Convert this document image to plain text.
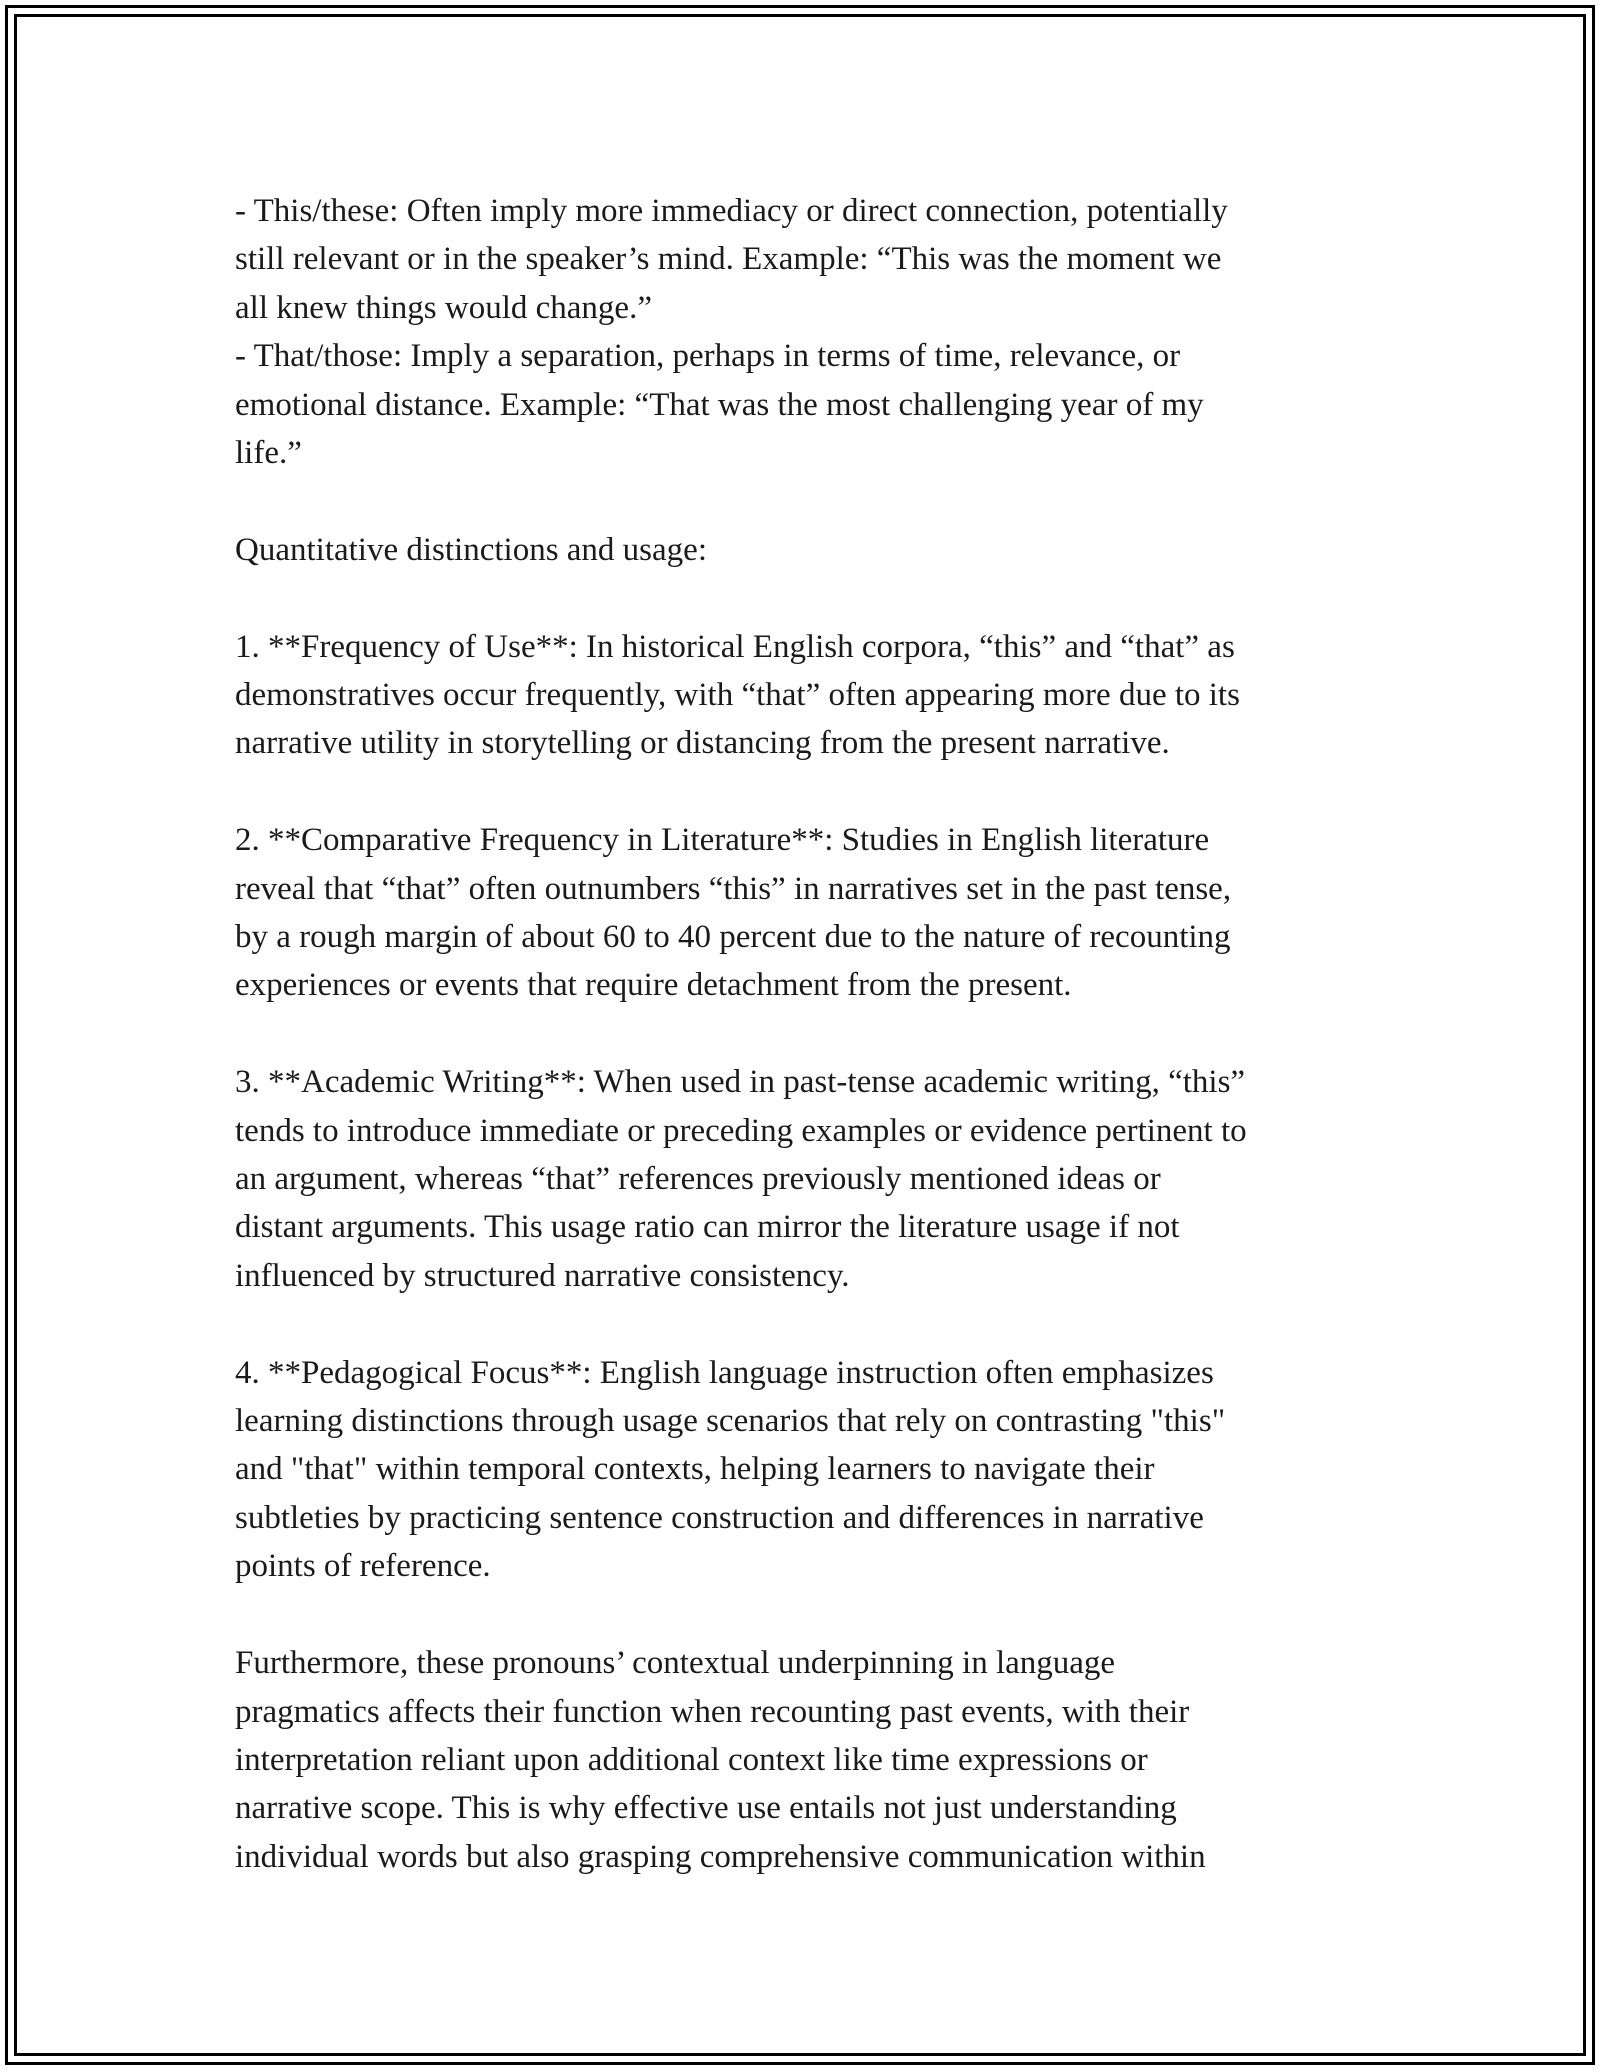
- This/these: Often imply more immediacy or direct connection, potentially

still relevant or in the speaker’s mind. Example: “This was the moment we

all knew things would change.”

- That/those: Imply a separation, perhaps in terms of time, relevance, or

emotional distance. Example: “That was the most challenging year of my

life.”

Quantitative distinctions and usage:

1. **Frequency of Use**: In historical English corpora, “this” and “that” as

demonstratives occur frequently, with “that” often appearing more due to its

narrative utility in storytelling or distancing from the present narrative.

2. **Comparative Frequency in Literature**: Studies in English literature

reveal that “that” often outnumbers “this” in narratives set in the past tense,

by a rough margin of about 60 to 40 percent due to the nature of recounting

experiences or events that require detachment from the present.

3. **Academic Writing**: When used in past-tense academic writing, “this”

tends to introduce immediate or preceding examples or evidence pertinent to

an argument, whereas “that” references previously mentioned ideas or

distant arguments. This usage ratio can mirror the literature usage if not

influenced by structured narrative consistency.

4. **Pedagogical Focus**: English language instruction often emphasizes

learning distinctions through usage scenarios that rely on contrasting "this"

and "that" within temporal contexts, helping learners to navigate their

subtleties by practicing sentence construction and differences in narrative

points of reference.

Furthermore, these pronouns’ contextual underpinning in language

pragmatics affects their function when recounting past events, with their

interpretation reliant upon additional context like time expressions or

narrative scope. This is why effective use entails not just understanding

individual words but also grasping comprehensive communication within
